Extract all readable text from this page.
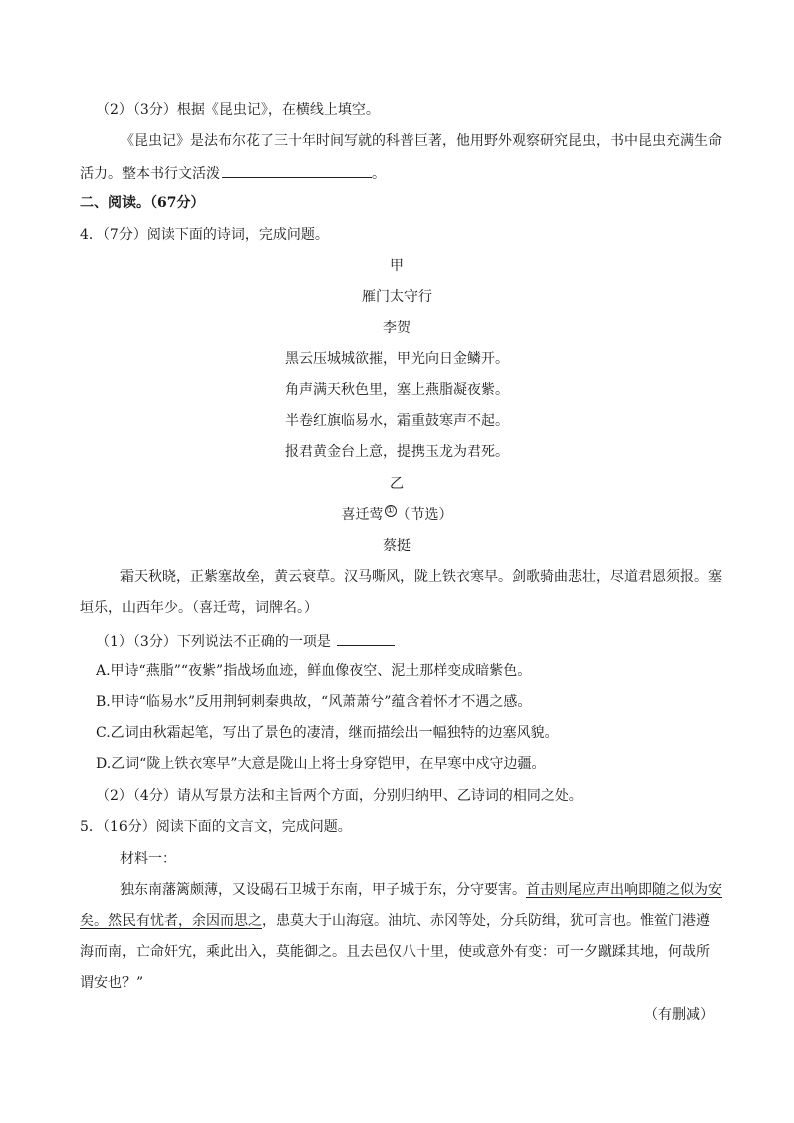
（2）（3分）根据《昆虫记》，在横线上填空。
《昆虫记》是法布尔花了三十年时间写就的科普巨著，他用野外观察研究昆虫，书中昆虫充满生命
活力。整本书行文活泼	。
二、阅读。（67分）
4．（7分）阅读下面的诗词，完成问题。
甲
雁门太守行
李贺
黑云压城城欲摧，甲光向日金鳞开。
角声满天秋色里，塞上燕脂凝夜紫。
半卷红旗临易水，霜重鼓寒声不起。
报君黄金台上意，提携玉龙为君死。
乙
喜迁莺 ① （节选）
蔡挺
霜天秋晓，正紫塞故垒，黄云衰草。汉马嘶风，陇上铁衣寒早。剑歌骑曲悲壮，尽道君恩须报。塞
垣乐，山西年少。（喜迁莺，词牌名。）
（1）（3分）下列说法不正确的一项是
A.甲诗“燕脂”“夜紫”指战场血迹，鲜血像夜空、泥土那样变成暗紫色。
B.甲诗“临易水”反用荆轲刺秦典故，“风萧萧兮”蕴含着怀才不遇之感。
C.乙词由秋霜起笔，写出了景色的凄清，继而描绘出一幅独特的边塞风貌。
D.乙词“陇上铁衣寒早”大意是陇山上将士身穿铠甲，在早寒中戍守边疆。
（2）（4分）请从写景方法和主旨两个方面，分别归纳甲、乙诗词的相同之处。
5．（16分）阅读下面的文言文，完成问题。
材料一：
独东南藩篱颇薄，又设碣石卫城于东南，甲子城于东，分守要害。首击则尾应声出响即随之似为安
矣。然民有忧者，余因而思之，患莫大于山海寇。油坑、赤冈等处，分兵防缉，犹可言也。惟鲎门港遵
海而南，亡命奸宄，乘此出入，莫能御之。且去邑仅八十里，使或意外有变：可一夕蹴蹂其地，何哉所
谓安也？”
（有删减）
